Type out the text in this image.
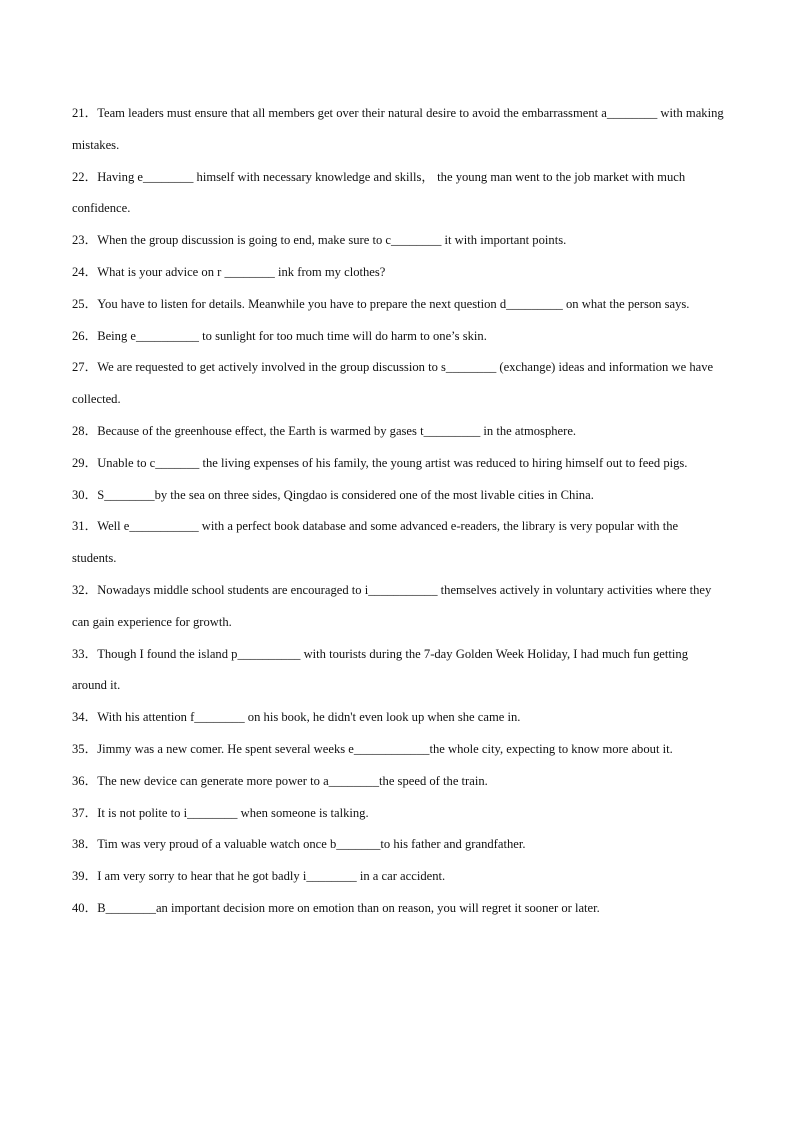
21．Team leaders must ensure that all members get over their natural desire to avoid the embarrassment a________ with making mistakes.

22．Having e________ himself with necessary knowledge and skills， the young man went to the job market with much confidence.

23．When the group discussion is going to end, make sure to c________ it with important points.

24．What is your advice on r ________ ink from my clothes?

25．You have to listen for details. Meanwhile you have to prepare the next question d_________ on what the person says.

26．Being e__________ to sunlight for too much time will do harm to one’s skin.

27．We are requested to get actively involved in the group discussion to s________ (exchange) ideas and information we have collected.

28．Because of the greenhouse effect, the Earth is warmed by gases t_________ in the atmosphere.

29．Unable to c_______ the living expenses of his family, the young artist was reduced to hiring himself out to feed pigs.

30．S________by the sea on three sides, Qingdao is considered one of the most livable cities in China.

31．Well e___________ with a perfect book database and some advanced e-readers, the library is very popular with the students.

32．Nowadays middle school students are encouraged to i___________ themselves actively in voluntary activities where they can gain experience for growth.

33．Though I found the island p__________ with tourists during the 7-day Golden Week Holiday, I had much fun getting around it.

34．With his attention f________ on his book, he didn't even look up when she came in.

35．Jimmy was a new comer. He spent several weeks e____________the whole city, expecting to know more about it.

36．The new device can generate more power to a________the speed of the train.

37．It is not polite to i________ when someone is talking.

38．Tim was very proud of a valuable watch once b_______to his father and grandfather.

39．I am very sorry to hear that he got badly i________ in a car accident.

40．B________an important decision more on emotion than on reason, you will regret it sooner or later.
